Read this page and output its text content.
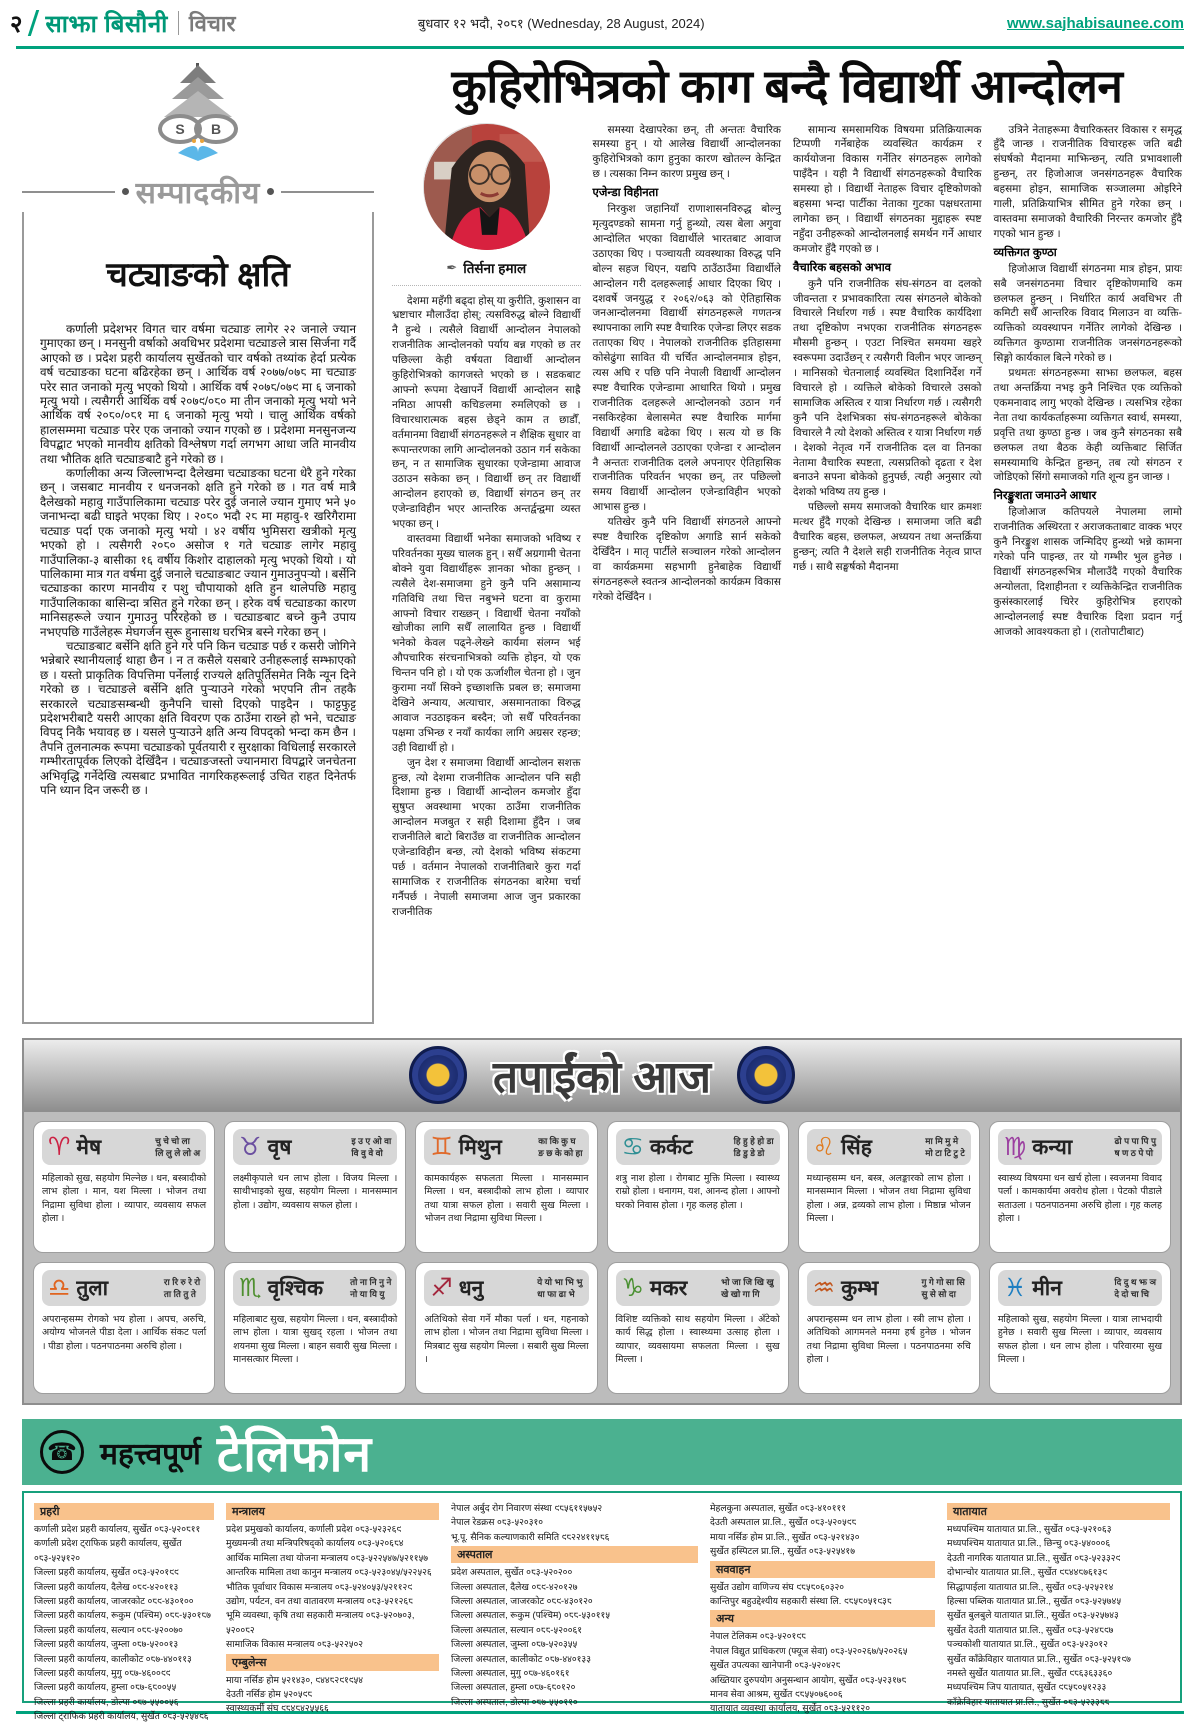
२ साझा बिसौनी विचार	बुधवार १२ भदौ, २०८१ (Wednesday, 28 August, 2024)	www.sajhabisaunee.com
S B
सम्पादकीय
चट्याङको क्षति

कर्णाली प्रदेशभर विगत चार वर्षमा चट्याङ लागेर २२ जनाले ज्यान गुमाएका छन् । मनसुनी वर्षाको अवधिभर प्रदेशमा चट्याङले त्रास सिर्जना गर्दै आएको छ । प्रदेश प्रहरी कार्यालय सुर्खेतको चार वर्षको तथ्यांक हेर्दा प्रत्येक वर्ष चट्याङका घटना बढिरहेका छन् । आर्थिक वर्ष २०७७/०७८ मा चट्याङ परेर सात जनाको मृत्यु भएको थियो । आर्थिक वर्ष २०७८/०७९ मा ६ जनाको मृत्यु भयो । त्यसैगरी आर्थिक वर्ष २०७९/०८० मा तीन जनाको मृत्यु भयो भने आर्थिक वर्ष २०८०/०८१ मा ६ जनाको मृत्यु भयो । चालु आर्थिक वर्षको हालसम्ममा चट्याङ परेर एक जनाको ज्यान गएको छ । प्रदेशमा मनसुनजन्य विपद्बाट भएको मानवीय क्षतिको विश्लेषण गर्दा लगभग आधा जति मानवीय तथा भौतिक क्षति चट्याङबाटै हुने गरेको छ ।

कर्णालीका अन्य जिल्लाभन्दा दैलेखमा चट्याङका घटना धेरै हुने गरेका छन् । जसबाट मानवीय र धनजनको क्षति हुने गरेको छ । गत वर्ष मात्रै दैलेखको महावु गाउँपालिकामा चट्याङ परेर दुई जनाले ज्यान गुमाए भने ५० जनाभन्दा बढी घाइते भएका थिए । २०८० भदौ २८ मा महावु-१ खरिगैरामा चट्याङ पर्दा एक जनाको मृत्यु भयो । ४२ वर्षीय भुमिसरा खत्रीको मृत्यु भएको हो । त्यसैगरी २०८० असोज १ गते चट्याङ लागेर महावु गाउँपालिका-३ बासीका १६ वर्षीय किशोर दाहालको मृत्यु भएको थियो । यो पालिकामा मात्र गत वर्षमा दुई जनाले चट्याङबाट ज्यान गुमाउनुपऱ्यो । बर्सेनि चट्याङका कारण मानवीय र पशु चौपायाको क्षति हुन थालेपछि महावु गाउँपालिकाका बासिन्दा त्रसित हुने गरेका छन् । हरेक वर्ष चट्याङका कारण मानिसहरूले ज्यान गुमाउनु परिरहेको छ । चट्याङबाट बच्ने कुनै उपाय नभएपछि गाउँलेहरू मेघगर्जन सुरू हुनासाथ घरभित्र बस्ने गरेका छन् ।

चट्याङबाट बर्सेनि क्षति हुने गरे पनि किन चट्याङ पर्छ र कसरी जोगिने भन्नेबारे स्थानीयलाई थाहा छैन । न त कसैले यसबारे उनीहरूलाई सम्झाएको छ । यस्तो प्राकृतिक विपत्तिमा पर्नेलाई राज्यले क्षतिपूर्तिसमेत निकै न्यून दिने गरेको छ । चट्याङले बर्सेनि क्षति पुऱ्याउने गरेको भएपनि तीन तहकै सरकारले चट्याङसम्बन्धी कुनैपनि चासो दिएको पाइदैन । फाट्टफुट्ट प्रदेशभरीबाटै यसरी आएका क्षति विवरण एक ठाउँमा राख्ने हो भने, चट्याङ विपद् निकै भयावह छ । यसले पुऱ्याउने क्षति अन्य विपद्को भन्दा कम छैन । तैपनि तुलनात्मक रूपमा चट्याङको पूर्वतयारी र सुरक्षाका विधिलाई सरकारले गम्भीरतापूर्वक लिएको देखिँदैन । चट्याङजस्तो ज्यानमारा विपद्बारे जनचेतना अभिवृद्धि गर्नेदेखि त्यसबाट प्रभावित नागरिकहरूलाई उचित राहत दिनेतर्फ पनि ध्यान दिन जरूरी छ ।

कुहिरोभित्रको काग बन्दै विद्यार्थी आन्दोलन
✒ तिर्सना हमाल

देशमा महँगी बढ्दा होस् या कुरीति, कुशासन वा भ्रष्टाचार मौलाउँदा होस्; त्यसविरुद्ध बोल्ने विद्यार्थी नै हुन्थे । त्यसैले विद्यार्थी आन्दोलन नेपालको राजनीतिक आन्दोलनको पर्याय बन्न गएको छ तर पछिल्ला केही वर्षयता विद्यार्थी आन्दोलन कुहिरोभित्रको कागजस्ते भएको छ । सडकबाट आफ्नो रूपमा देखापर्ने विद्यार्थी आन्दोलन साह्रै नमिठा आपसी कचिङलमा रुमलिएको छ । विचारधारात्मक बहस छेड्ने काम त छाडौँ, वर्तमानमा विद्यार्थी संगठनहरूले न शैक्षिक सुधार वा रूपान्तरणका लागि आन्दोलनको उठान गर्न सकेका छन्, न त सामाजिक सुधारका एजेन्डामा आवाज उठाउन सकेका छन् । विद्यार्थी छन् तर विद्यार्थी आन्दोलन हराएको छ, विद्यार्थी संगठन छन् तर एजेन्डाविहीन भएर आन्तरिक अन्तर्द्वन्द्वमा व्यस्त भएका छन् ।

वास्तवमा विद्यार्थी भनेका समाजको भविष्य र परिवर्तनका मुख्य चालक हुन् । सधैँ अग्रगामी चेतना बोक्ने युवा विद्यार्थीहरू ज्ञानका भोका हुन्छन् । त्यसैले देश-समाजमा हुने कुनै पनि असामान्य गतिविधि तथा चित्त नबुझ्ने घटना वा कुरामा आफ्नो विचार राख्छन् । विद्यार्थी चेतना नयाँको खोजीका लागि सधैँ लालायित हुन्छ । विद्यार्थी भनेको केवल पढ्ने-लेख्ने कार्यमा संलग्न भई औपचारिक संरचनाभित्रको व्यक्ति होइन, यो एक चिन्तन पनि हो । यो एक ऊर्जाशील चेतना हो । जुन कुरामा नयाँ सिक्ने इच्छाशक्ति प्रबल छ; समाजमा देखिने अन्याय, अत्याचार, असमानताका विरुद्ध आवाज नउठाइकन बस्दैन; जो सधैँ परिवर्तनका पक्षमा उभिन्छ र नयाँ कार्यका लागि अग्रसर रहन्छ; उही विद्यार्थी हो ।

जुन देश र समाजमा विद्यार्थी आन्दोलन सशक्त हुन्छ, त्यो देशमा राजनीतिक आन्दोलन पनि सही दिशामा हुन्छ । विद्यार्थी आन्दोलन कमजोर हुँदा सुषुप्त अवस्थामा भएका ठाउँमा राजनीतिक आन्दोलन मजबुत र सही दिशामा हुँदैन । जब राजनीतिले बाटो बिराउँछ वा राजनीतिक आन्दोलन एजेन्डाविहीन बन्छ, त्यो देशको भविष्य संकटमा पर्छ । वर्तमान नेपालको राजनीतिबारे कुरा गर्दा सामाजिक र राजनीतिक संगठनका बारेमा चर्चा गर्नैपर्छ । नेपाली समाजमा आज जुन प्रकारका राजनीतिक

समस्या देखापरेका छन्, ती अन्ततः वैचारिक समस्या हुन् । यो आलेख विद्यार्थी आन्दोलनका कुहिरोभित्रको काग हुनुका कारण खोतल्न केन्द्रित छ । त्यसका निम्न कारण प्रमुख छन् ।

एजेन्डा विहीनता

निरकुश जहानियाँ राणाशासनविरुद्ध बोल्नु मृत्युदण्डको सामना गर्नु हुन्थ्यो, त्यस बेला अगुवा आन्दोलित भएका विद्यार्थीले भारतबाट आवाज उठाएका थिए । पञ्चायती व्यवस्थाका विरुद्ध पनि बोल्न सहज थिएन, यद्यपि ठाउँठाउँमा विद्यार्थीले आन्दोलन गरी दलहरूलाई आधार दिएका थिए । दशवर्षे जनयुद्ध र २०६२/०६३ को ऐतिहासिक जनआन्दोलनमा विद्यार्थी संगठनहरूले गणतन्त्र स्थापनाका लागि स्पष्ट वैचारिक एजेन्डा लिएर सडक तताएका थिए । नेपालको राजनीतिक इतिहासमा कोसेढुंगा सावित यी चर्चित आन्दोलनमात्र होइन, त्यस अघि र पछि पनि नेपाली विद्यार्थी आन्दोलन स्पष्ट वैचारिक एजेन्डामा आधारित थियो । प्रमुख राजनीतिक दलहरूले आन्दोलनको उठान गर्न नसकिरहेका बेलासमेत स्पष्ट वैचारिक मार्गमा विद्यार्थी अगाडि बढेका थिए । सत्य यो छ कि विद्यार्थी आन्दोलनले उठाएका एजेन्डा र आन्दोलन नै अन्ततः राजनीतिक दलले अपनाएर ऐतिहासिक राजनीतिक परिवर्तन भएका छन्, तर पछिल्लो समय विद्यार्थी आन्दोलन एजेन्डाविहीन भएको आभास हुन्छ ।

यतिखेर कुनै पनि विद्यार्थी संगठनले आफ्नो स्पष्ट वैचारिक दृष्टिकोण अगाडि सार्न सकेको देखिँदैन । मातृ पार्टीले सञ्चालन गरेको आन्दोलन वा कार्यक्रममा सहभागी हुनेबाहेक विद्यार्थी संगठनहरूले स्वतन्त्र आन्दोलनको कार्यक्रम विकास गरेको देखिँदैन ।

सामान्य समसामयिक विषयमा प्रतिक्रियात्मक टिप्पणी गर्नेबाहेक व्यवस्थित कार्यक्रम र कार्ययोजना विकास गर्नेतिर संगठनहरू लागेको पाइँदैन । यही नै विद्यार्थी संगठनहरूको वैचारिक समस्या हो । विद्यार्थी नेताहरू विचार दृष्टिकोणको बहसमा भन्दा पार्टीका नेताका गुटका पक्षधरतामा लागेका छन् । विद्यार्थी संगठनका मुद्दाहरू स्पष्ट नहुँदा उनीहरूको आन्दोलनलाई समर्थन गर्ने आधार कमजोर हुँदै गएको छ ।

वैचारिक बहसको अभाव

कुनै पनि राजनीतिक संघ-संगठन वा दलको जीवन्तता र प्रभावकारिता त्यस संगठनले बोकेको विचारले निर्धारण गर्छ । स्पष्ट वैचारिक कार्यदिशा तथा दृष्टिकोण नभएका राजनीतिक संगठनहरू मौसमी हुन्छन् । एउटा निश्चित समयमा खहरे स्वरूपमा उदाउँछन् र त्यसैगरी विलीन भएर जान्छन् । मानिसको चेतनालाई व्यवस्थित दिशानिर्देश गर्ने विचारले हो । व्यक्तिले बोकेको विचारले उसको सामाजिक अस्तित्व र यात्रा निर्धारण गर्छ । त्यसैगरी कुनै पनि देशभित्रका संघ-संगठनहरूले बोकेका विचारले नै त्यो देशको अस्तित्व र यात्रा निर्धारण गर्छ । देशको नेतृत्व गर्ने राजनीतिक दल वा तिनका नेतामा वैचारिक स्पष्टता, त्यसप्रतिको दृढता र देश बनाउने सपना बोकेको हुनुपर्छ, त्यही अनुसार त्यो देशको भविष्य तय हुन्छ ।

पछिल्लो समय समाजको वैचारिक धार क्रमशः मत्थर हुँदै गएको देखिन्छ । समाजमा जति बढी वैचारिक बहस, छलफल, अध्ययन तथा अन्तर्क्रिया हुन्छन्; त्यति नै देशले सही राजनीतिक नेतृत्व प्राप्त गर्छ । साथै सङ्घर्षको मैदानमा

उत्रिने नेताहरूमा वैचारिकस्तर विकास र समृद्ध हुँदै जान्छ । राजनीतिक विचारहरू जति बढी संघर्षको मैदानमा माझिन्छन्, त्यति प्रभावशाली हुन्छन्, तर हिजोआज जनसंगठनहरू वैचारिक बहसमा होइन, सामाजिक सञ्जालमा ओइरिने गाली, प्रतिक्रियाभित्र सीमित हुने गरेका छन् । वास्तवमा समाजको वैचारिकी निरन्तर कमजोर हुँदै गएको भान हुन्छ ।

व्यक्तिगत कुण्ठा

हिजोआज विद्यार्थी संगठनमा मात्र होइन, प्रायः सबै जनसंगठनमा विचार दृष्टिकोणमाथि कम छलफल हुन्छन् । निर्धारित कार्य अवधिभर ती कमिटी सधैँ आन्तरिक विवाद मिलाउन वा व्यक्ति-व्यक्तिको व्यवस्थापन गर्नेतिर लागेको देखिन्छ । व्यक्तिगत कुण्ठामा राजनीतिक जनसंगठनहरूको सिङ्गो कार्यकाल बित्ने गरेको छ ।

प्रथमतः संगठनहरूमा साझा छलफल, बहस तथा अन्तर्क्रिया नभइ कुनै निश्चित एक व्यक्तिको एकमनावाद लागु भएको देखिन्छ । त्यसभित्र रहेका नेता तथा कार्यकर्ताहरूमा व्यक्तिगत स्वार्थ, समस्या, प्रवृत्ति तथा कुण्ठा हुन्छ । जब कुनै संगठनका सबै छलफल तथा बैठक केही व्यक्तिबाट सिर्जित समस्यामाथि केन्द्रित हुन्छन्, तब त्यो संगठन र जोडिएको सिंगो समाजको गति शून्य हुन जान्छ ।

निरङ्कुशता जमाउने आधार

हिजोआज कतिपयले नेपालमा लामो राजनीतिक अस्थिरता र अराजकताबाट वाक्क भएर कुनै निरङ्कुश शासक जन्मिदिए हुन्थ्यो भन्ने कामना गरेको पनि पाइन्छ, तर यो गम्भीर भुल हुनेछ । विद्यार्थी संगठनहरूभित्र मौलाउँदै गएको वैचारिक अन्योलता, दिशाहीनता र व्यक्तिकेन्द्रित राजनीतिक कुसंस्कारलाई चिरेर कुहिरोभित्र हराएको आन्दोलनलाई स्पष्ट वैचारिक दिशा प्रदान गर्नु आजको आवश्यकता हो । (रातोपाटीबाट)

तपाईंको आज
♈ मेष	चु चे चो ला
लि लु ले लो अ

महिलाको सुख, सहयोग मिल्नेछ । धन, बस्त्रादीको लाभ होला । मान, यश मिल्ला । भोजन तथा निद्रामा सुविधा होला । व्यापार, व्यवसाय सफल होला ।

♉ वृष	इ उ ए ओ वा
वि वु वे वो

लक्ष्मीकृपाले धन लाभ होला । विजय मिल्ला । साथीभाइको सुख, सहयोग मिल्ला । मानसम्मान होला । उद्योग, व्यवसाय सफल होला ।

♊ मिथुन	का कि कु घ
ङ छ के को हा

कामकार्यहरू सफलता मिल्ला । मानसम्मान मिल्ला । धन, बस्त्रादीको लाभ होला । व्यापार तथा यात्रा सफल होला । सवारी सुख मिल्ला । भोजन तथा निद्रामा सुविधा मिल्ला ।

♋ कर्कट	हि हु हे हो डा
डि डु डे डो

शत्रु नाश होला । रोगबाट मुक्ति मिल्ला । स्वास्थ्य राम्रो होला । धनागम, यश, आनन्द होला । आफ्नो घरको निवास होला । गृह कलह होला ।

♌ सिंह	मा मि मु मे
मो टा टि टु टे

मध्यान्हसम्म धन, बस्त्र, अलङ्कारको लाभ होला । मानसम्मान मिल्ला । भोजन तथा निद्रामा सुविधा होला । अन्न, द्रव्यको लाभ होला । मिष्ठान्न भोजन मिल्ला ।

♍ कन्या	ढो प पा पि पु
ष ण ठ पे पो

स्वास्थ्य विषयमा धन खर्च होला । स्वजनमा विवाद पर्ला । कामकार्यमा अवरोध होला । पेटको पीडाले सताउला । पठनपाठनमा अरुचि होला । गृह कलह होला ।

♎ तुला	रा रि रु रे रो
ता ति तु ते

अपरान्हसम्म रोगको भय होला । अपच, अरुचि, अयोग्य भोजनले पीडा देला । आर्थिक संकट पर्ला । पीडा होला । पठनपाठनमा अरुचि होला ।

♏ वृश्चिक	तो ना नि नु ने
नो या यि यु

महिलाबाट सुख, सहयोग मिल्ला । धन, बस्त्रादीको लाभ होला । यात्रा सुखद् रहला । भोजन तथा शयनमा सुख मिल्ला । बाहन सवारी सुख मिल्ला । मानसत्कार मिल्ला ।

♐ धनु	ये यो भा भि भु
धा फा ढा भे

अतिथिको सेवा गर्ने मौका पर्ला । धन, गहनाको लाभ होला । भोजन तथा निद्रामा सुविधा मिल्ला । मित्रबाट सुख सहयोग मिल्ला । सबारी सुख मिल्ला ।

♑ मकर	भो जा जि खि खु
खे खो गा गि

विशिष्ट व्यक्तिको साथ सहयोग मिल्ला । अँटेको कार्य सिद्ध होला । स्वास्थ्यमा उत्साह होला । व्यापार, व्यवसायमा सफलता मिल्ला । सुख मिल्ला ।

♒ कुम्भ	गु गे गो सा सि
सु से सो दा

अपरान्हसम्म धन लाभ होला । स्त्री लाभ होला । अतिथिको आगमनले मनमा हर्ष हुनेछ । भोजन तथा निद्रामा सुविधा मिल्ला । पठनपाठनमा रुचि होला ।

♓ मीन	दि दु थ झ ञ
दे दो चा चि

महिलाको सुख, सहयोग मिल्ला । यात्रा लाभदायी हुनेछ । सवारी सुख मिल्ला । व्यापार, व्यवसाय सफल होला । धन लाभ होला । परिवारमा सुख मिल्ला ।

☎ महत्त्वपूर्ण टेलिफोन
प्रहरी
कर्णाली प्रदेश प्रहरी कार्यालय, सुर्खेत ०८३-५२०८११
कर्णाली प्रदेश ट्राफिक प्रहरी कार्यालय, सुर्खेत ०८३-५२५१२०
जिल्ला प्रहरी कार्यालय, सुर्खेत ०८३-५२०१९९
जिल्ला प्रहरी कार्यालय, दैलेख ०८९-४२०११३
जिल्ला प्रहरी कार्यालय, जाजरकोट ०८९-४३०१००
जिल्ला प्रहरी कार्यालय, रूकुम (पश्चिम) ०८८-५३०१८७
जिल्ला प्रहरी कार्यालय, सल्यान ०८८-५२००७०
जिल्ला प्रहरी कार्यालय, जुम्ला ०८७-५२००१३
जिल्ला प्रहरी कार्यालय, कालीकोट ०८७-४४०११३
जिल्ला प्रहरी कार्यालय, मुगु ०८७-४६००९९
जिल्ला प्रहरी कार्यालय, हुम्ला ०८७-६८००५५
जिल्ला प्रहरी कार्यालय, डोल्पा ०८७-५५००५६
जिल्ला ट्राफिक प्रहरी कार्यालय, सुर्खेत ०८३-५२५४९६
मन्त्रालय
प्रदेश प्रमुखको कार्यालय, कर्णाली प्रदेश ०८३-५२३२६९
मुख्यमन्त्री तथा मन्त्रिपरिषद्को कार्यालय ०८३-५२०६८४
आर्थिक मामिला तथा योजना मन्त्रालय ०८३-५२२५४७/५२११५७
आन्तरिक मामिला तथा कानुन मन्त्रालय ०८३-५२३०४५/५२२५२६
भौतिक पूर्वाधार विकास मन्त्रालय ०८३-५२४०५३/५२११२९
उद्योग, पर्यटन, वन तथा वातावरण मन्त्रालय ०८३-५२१२६८
भूमि व्यवस्था, कृषि तथा सहकारी मन्त्रालय ०८३-५२०७०३, ५२००८२
सामाजिक विकास मन्त्रालय ०८३-५२२५०२
एम्बुलेन्स
माया नर्सिङ होम ५२१४३०, ९४४८२९१९५४
देउती नर्सिङ होम ५२०५९८
स्वास्थ्यकर्मी संघ ९८४८४२५५६६
नेपाल अर्बुद रोग निवारण संस्था ९८५६११५७५२
नेपाल रेडक्रस ०८३-५२०३१०
भू.पू. सैनिक कल्याणकारी समिति ९८२२४११५८६
अस्पताल
प्रदेश अस्पताल, सुर्खेत ०८३-५२०२००
जिल्ला अस्पताल, दैलेख ०८९-४२०१२७
जिल्ला अस्पताल, जाजरकोट ०८९-४३०१२०
जिल्ला अस्पताल, रूकुम (पश्चिम) ०८८-५३०११५
जिल्ला अस्पताल, सल्यान ०८८-५२००६१
जिल्ला अस्पताल, जुम्ला ०८७-५२०३५५
जिल्ला अस्पताल, कालीकोट ०८७-४४०१३३
जिल्ला अस्पताल, मुगु ०८७-४६०१६१
जिल्ला अस्पताल, हुम्ला ०८७-६८०१२०
जिल्ला अस्पताल, डोल्पा ०८७-५५०११०
मेहलकुना अस्पताल, सुर्खेत ०८३-४१०१११
देउती अस्पताल प्रा.लि., सुर्खेत ०८३-५२०५९८
माया नर्सिङ होम प्रा.लि., सुर्खेत ०८३-५२१४३०
सुर्खेत हस्पिटल प्रा.लि., सुर्खेत ०८३-५२५४१७
सववाहन
सुर्खेत उद्योग वाणिज्य संघ ९८५८०६०३२०
कान्तिपुर बहुउद्देश्यीय सहकारी संस्था लि. ९८५८०५१९३८
अन्य
नेपाल टेलिकम ०८३-५२०१९८
नेपाल विद्युत प्राधिकरण (फ्यूज सेवा) ०८३-५२०२६७/५२०२६५
सुर्खेत उपत्यका खानेपानी ०८३-५२०४२८
अख्तियार दुरुपयोग अनुसन्धान आयोग, सुर्खेत ०८३-५२३१७८
मानव सेवा आश्रम, सुर्खेत ९८५५०७६००६
यातायात व्यवस्था कार्यालय, सुर्खेत ०८३-५२११२०
यातायात
मध्यपश्चिम यातायात प्रा.लि., सुर्खेत ०८३-५२१०६३
मध्यपश्चिम यातायात प्रा.लि., छिन्चु ०८३-५४०००६
देउती नागरिक यातायात प्रा.लि., सुर्खेत ०८३-५२३३२९
दोभान्चोर यातायात प्रा.लि., सुर्खेत ९८४४८७६१३९
सिद्धापाईला यातायात प्रा.लि., सुर्खेत ०८३-५२५२१४
हिल्सा पब्लिक यातायात प्रा.लि., सुर्खेत ०८३-५२५७४५
सुर्खेत बुलबुले यातायात प्रा.लि., सुर्खेत ०८३-५२५७४३
सुर्खेत देउती यातायात प्रा.लि., सुर्खेत ०८३-५२४८९७
पञ्चकोशी यातायात प्रा.लि., सुर्खेत ०८३-५२३०१२
सुर्खेत काँक्रेविहार यातायात प्रा.लि., सुर्खेत ०८३-५२५१९७
नमस्ते सुर्खेत यातायात प्रा.लि., सुर्खेत ९८६३६३३६०
मध्यपश्चिम जिप यातायात, सुर्खेत ९८५८०५१२३३
काँक्रेविहार यातायात प्रा.लि., सुर्खेत ०८३-५२३३८८
